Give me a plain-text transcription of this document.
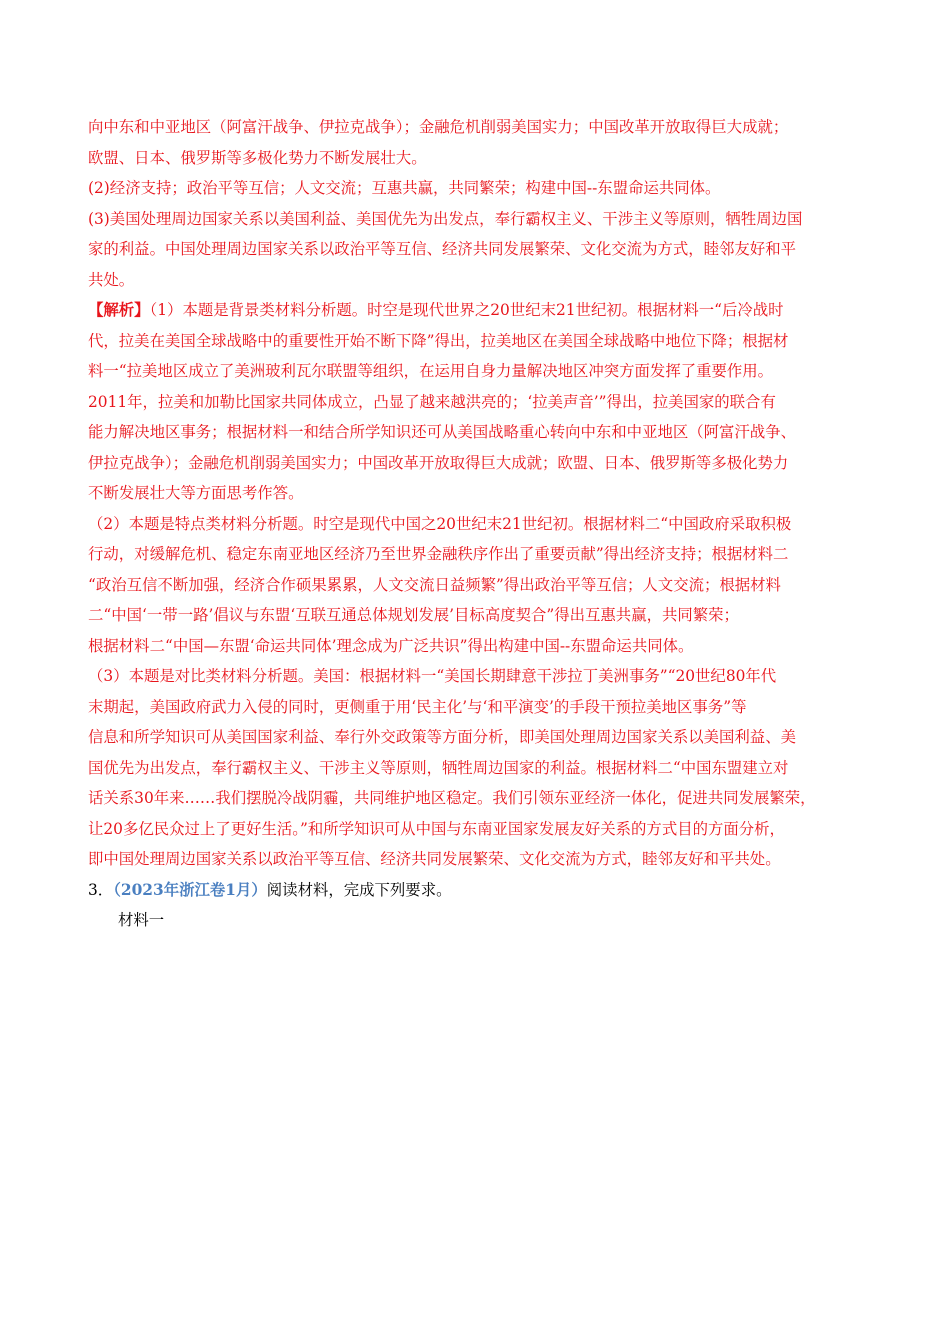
向中东和中亚地区（阿富汗战争、伊拉克战争）；金融危机削弱美国实力；中国改革开放取得巨大成就；
欧盟、日本、俄罗斯等多极化势力不断发展壮大。

(2)经济支持；政治平等互信；人文交流；互惠共赢，共同繁荣；构建中国--东盟命运共同体。

(3)美国处理周边国家关系以美国利益、美国优先为出发点，奉行霸权主义、干涉主义等原则，牺牲周边国
家的利益。中国处理周边国家关系以政治平等互信、经济共同发展繁荣、文化交流为方式，睦邻友好和平
共处。

【解析】（1）本题是背景类材料分析题。时空是现代世界之20世纪末21世纪初。根据材料一“后冷战时
代，拉美在美国全球战略中的重要性开始不断下降”得出，拉美地区在美国全球战略中地位下降；根据材
料一“拉美地区成立了美洲玻利瓦尔联盟等组织，在运用自身力量解决地区冲突方面发挥了重要作用。
2011年，拉美和加勒比国家共同体成立，凸显了越来越洪亮的；‘拉美声音’”得出，拉美国家的联合有
能力解决地区事务；根据材料一和结合所学知识还可从美国战略重心转向中东和中亚地区（阿富汗战争、
伊拉克战争）；金融危机削弱美国实力；中国改革开放取得巨大成就；欧盟、日本、俄罗斯等多极化势力
不断发展壮大等方面思考作答。

（2）本题是特点类材料分析题。时空是现代中国之20世纪末21世纪初。根据材料二“中国政府采取积极
行动，对缓解危机、稳定东南亚地区经济乃至世界金融秩序作出了重要贡献”得出经济支持；根据材料二
“政治互信不断加强，经济合作硕果累累，人文交流日益频繁”得出政治平等互信；人文交流；根据材料
二“中国‘一带一路’倡议与东盟‘互联互通总体规划发展’目标高度契合”得出互惠共赢，共同繁荣；
根据材料二“中国—东盟‘命运共同体’理念成为广泛共识”得出构建中国--东盟命运共同体。

（3）本题是对比类材料分析题。美国：根据材料一“美国长期肆意干涉拉丁美洲事务”“20世纪80年代
末期起，美国政府武力入侵的同时，更侧重于用‘民主化’与‘和平演变’的手段干预拉美地区事务”等
信息和所学知识可从美国国家利益、奉行外交政策等方面分析，即美国处理周边国家关系以美国利益、美
国优先为出发点，奉行霸权主义、干涉主义等原则，牺牲周边国家的利益。根据材料二“中国东盟建立对
话关系30年来……我们摆脱冷战阴霾，共同维护地区稳定。我们引领东亚经济一体化，促进共同发展繁荣，
让20多亿民众过上了更好生活。”和所学知识可从中国与东南亚国家发展友好关系的方式目的方面分析，
即中国处理周边国家关系以政治平等互信、经济共同发展繁荣、文化交流为方式，睦邻友好和平共处。

3．（2023年浙江卷1月）阅读材料，完成下列要求。

材料一
